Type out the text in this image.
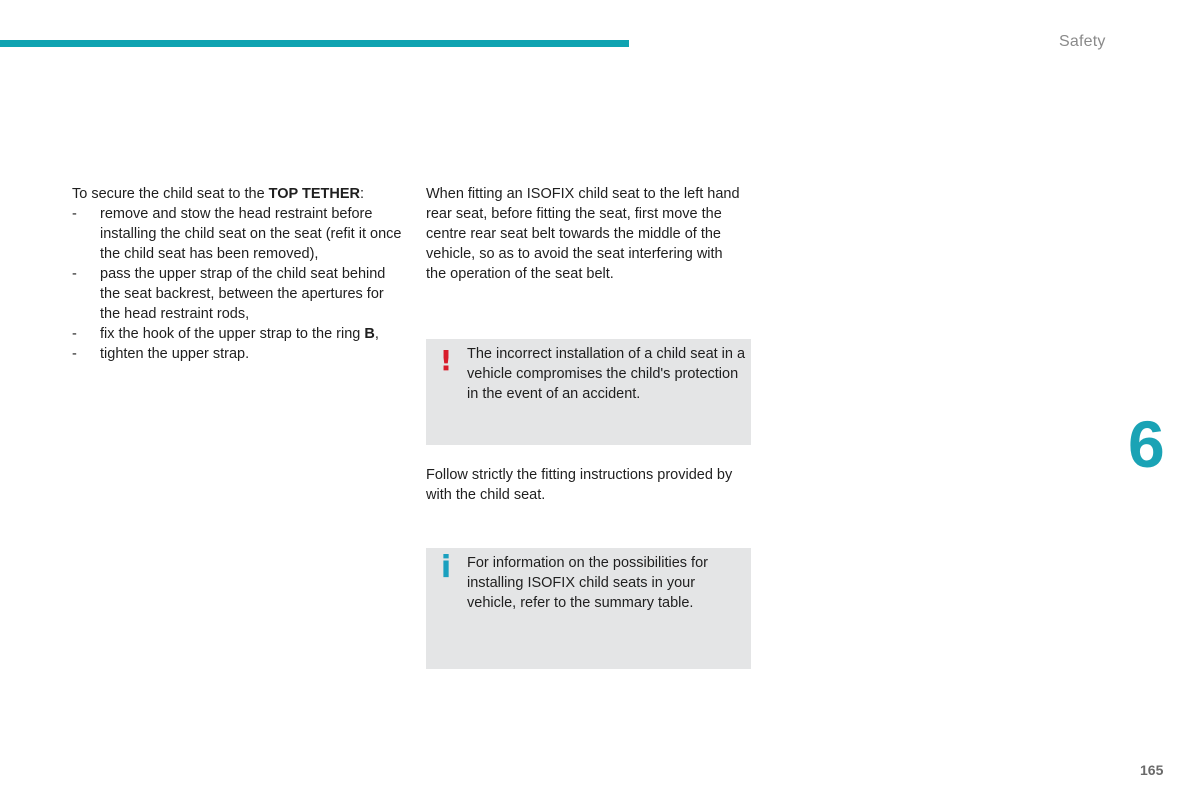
Safety

To secure the child seat to the TOP TETHER:

- remove and stow the head restraint before installing the child seat on the seat (refit it once the child seat has been removed),
- pass the upper strap of the child seat behind the seat backrest, between the apertures for the head restraint rods,
- fix the hook of the upper strap to the ring B,
- tighten the upper strap.

When fitting an ISOFIX child seat to the left hand rear seat, before fitting the seat, first move the centre rear seat belt towards the middle of the vehicle, so as to avoid the seat interfering with the operation of the seat belt.

! The incorrect installation of a child seat in a vehicle compromises the child's protection in the event of an accident.

Follow strictly the fitting instructions provided by with the child seat.

i For information on the possibilities for installing ISOFIX child seats in your vehicle, refer to the summary table.

6
165
